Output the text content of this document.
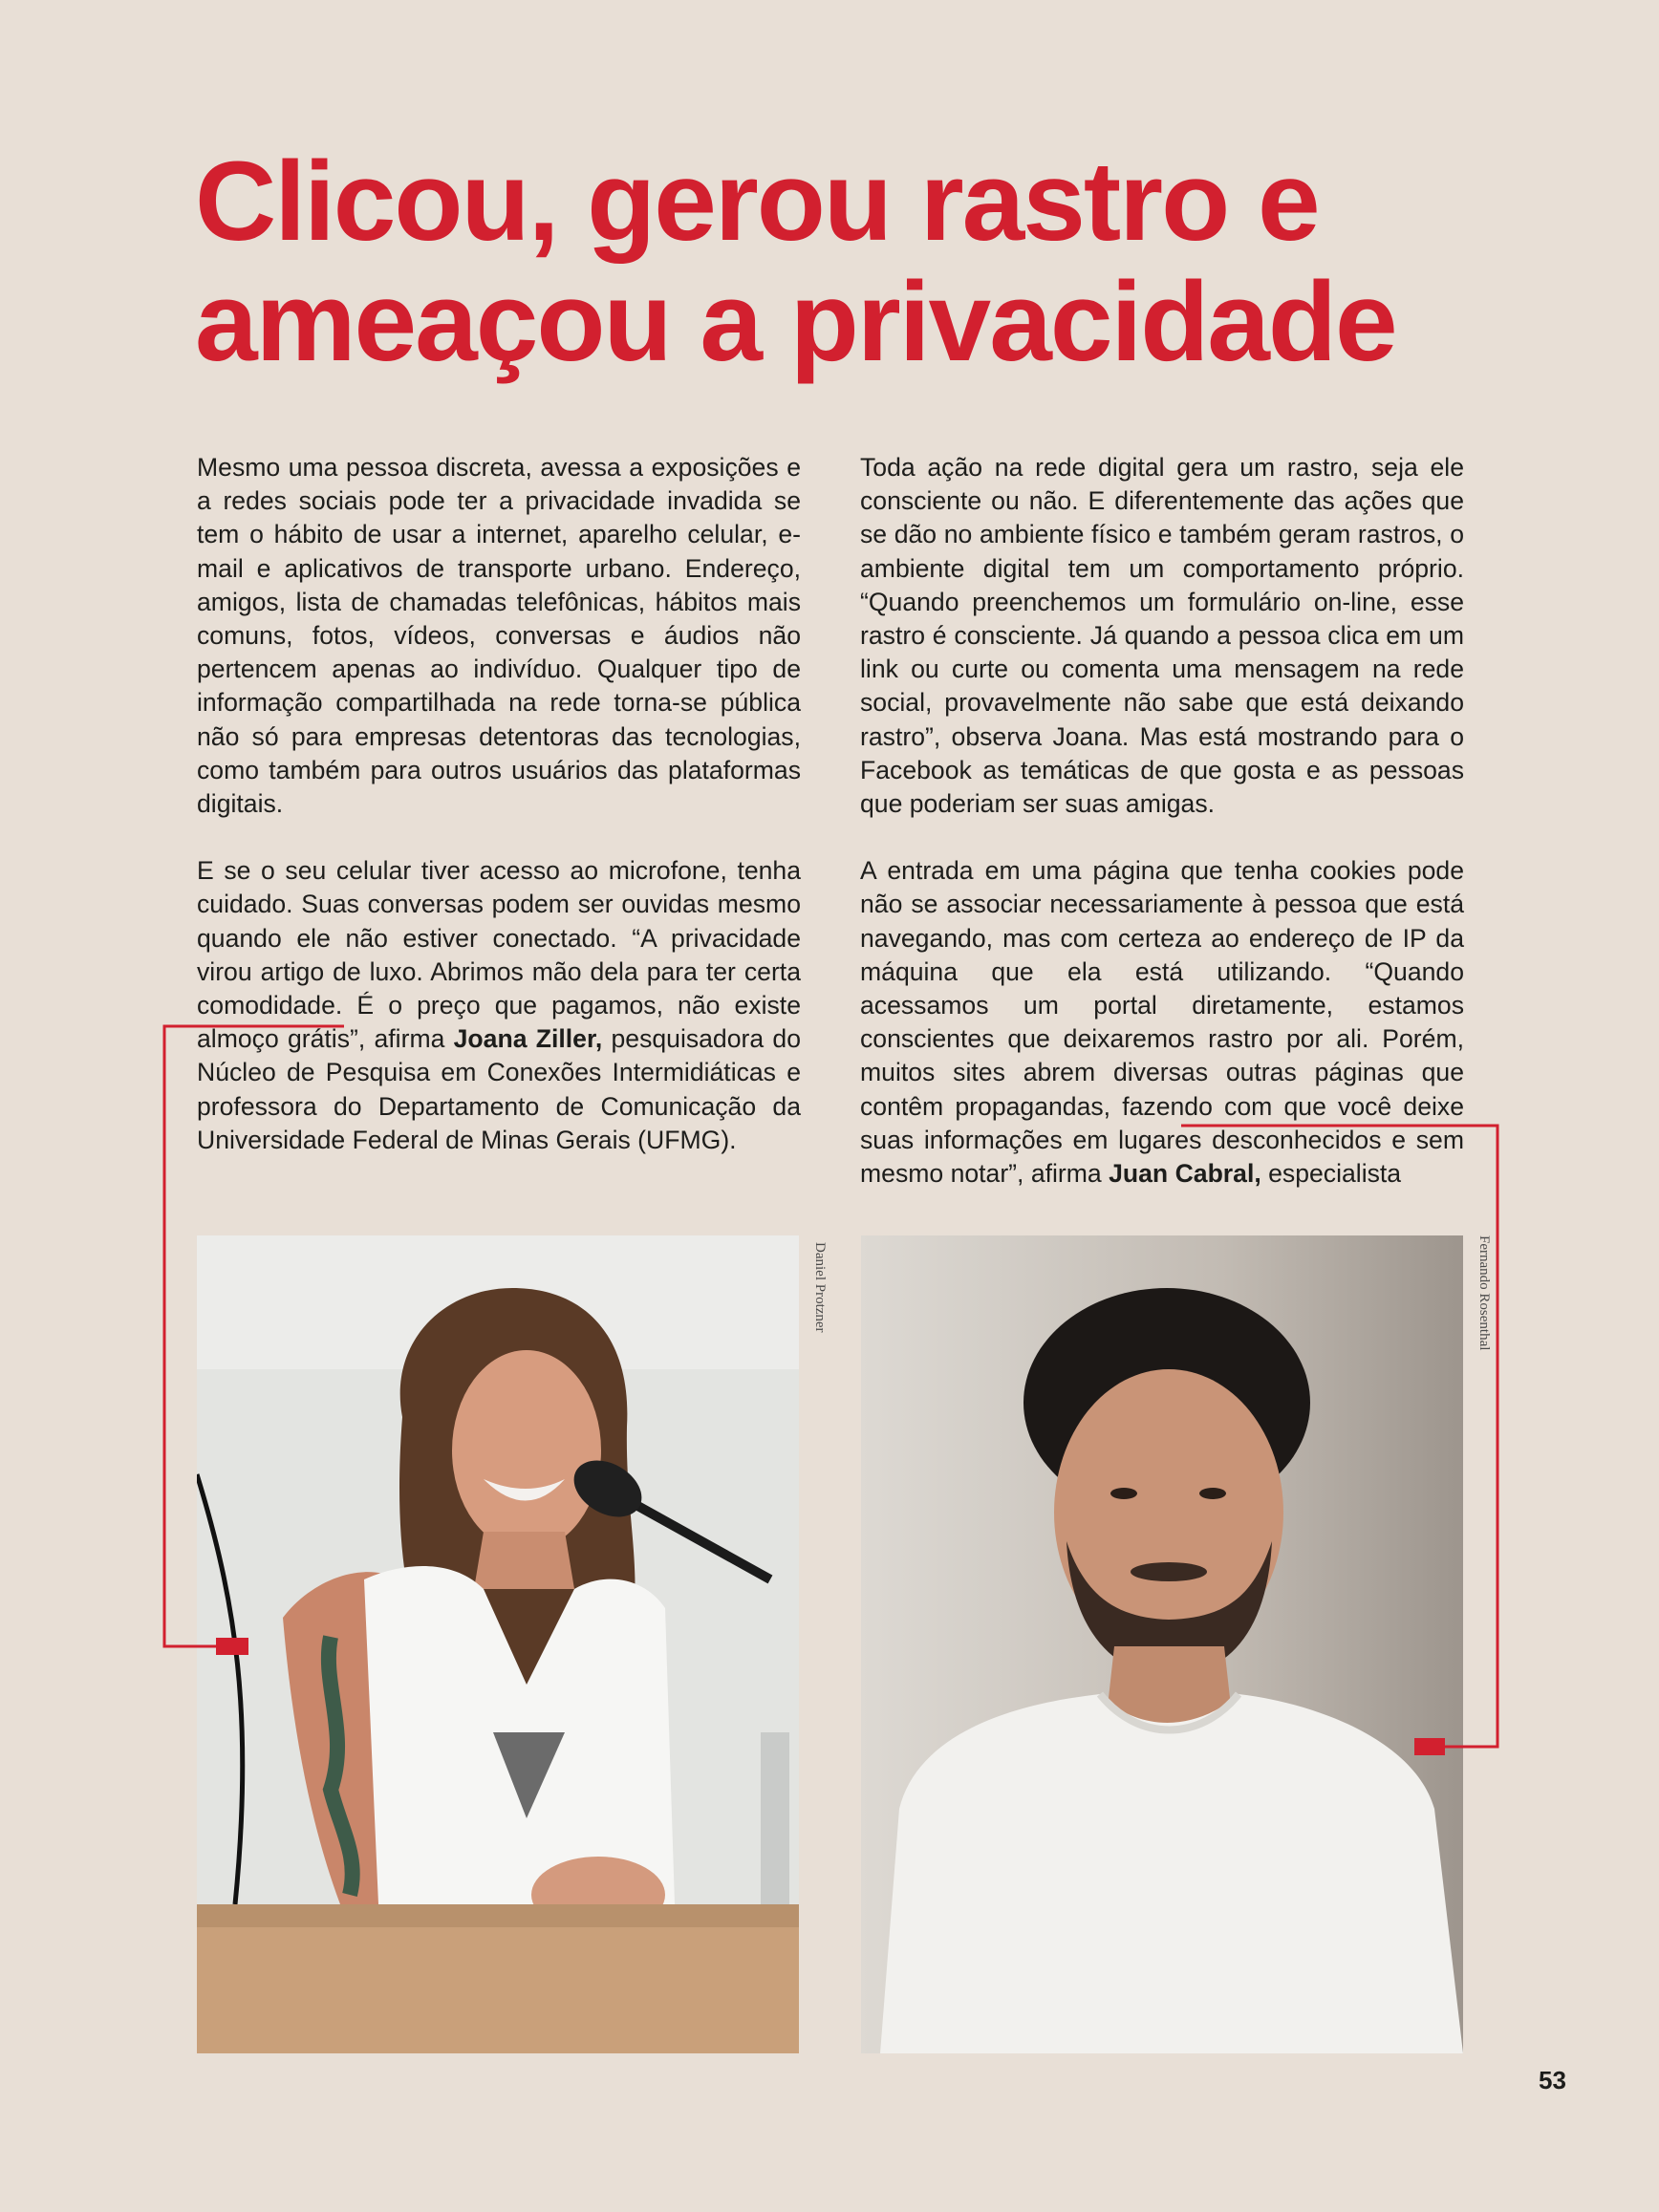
Clicou, gerou rastro e
ameaçou a privacidade

Mesmo uma pessoa discreta, avessa a exposições e a redes sociais pode ter a privacidade invadida se tem o hábito de usar a internet, aparelho celular, e-mail e aplicativos de transporte urbano. Endereço, amigos, lista de chamadas telefônicas, hábitos mais comuns, fotos, vídeos, conversas e áudios não pertencem apenas ao indivíduo. Qualquer tipo de informação compartilhada na rede torna-se pública não só para empresas detentoras das tecnologias, como também para outros usuários das plataformas digitais.

E se o seu celular tiver acesso ao microfone, tenha cuidado. Suas conversas podem ser ouvidas mesmo quando ele não estiver conectado. “A privacidade virou artigo de luxo. Abrimos mão dela para ter certa comodidade. É o preço que pagamos, não existe almoço grátis”, afirma Joana Ziller, pesquisadora do Núcleo de Pesquisa em Conexões Intermidiáticas e professora do Departamento de Comunicação da Universidade Federal de Minas Gerais (UFMG).

Toda ação na rede digital gera um rastro, seja ele consciente ou não. E diferentemente das ações que se dão no ambiente físico e também geram rastros, o ambiente digital tem um comportamento próprio. “Quando preenchemos um formulário on-line, esse rastro é consciente. Já quando a pessoa clica em um link ou curte ou comenta uma mensagem na rede social, provavelmente não sabe que está deixando rastro”, observa Joana. Mas está mostrando para o Facebook as temáticas de que gosta e as pessoas que poderiam ser suas amigas.

A entrada em uma página que tenha cookies pode não se associar necessariamente à pessoa que está navegando, mas com certeza ao endereço de IP da máquina que ela está utilizando. “Quando acessamos um portal diretamente, estamos conscientes que deixaremos rastro por ali. Porém, muitos sites abrem diversas outras páginas que contêm propagandas, fazendo com que você deixe suas informações em lugares desconhecidos e sem mesmo notar”, afirma Juan Cabral, especialista

Daniel Protzner	Fernando Rosenthal
53
